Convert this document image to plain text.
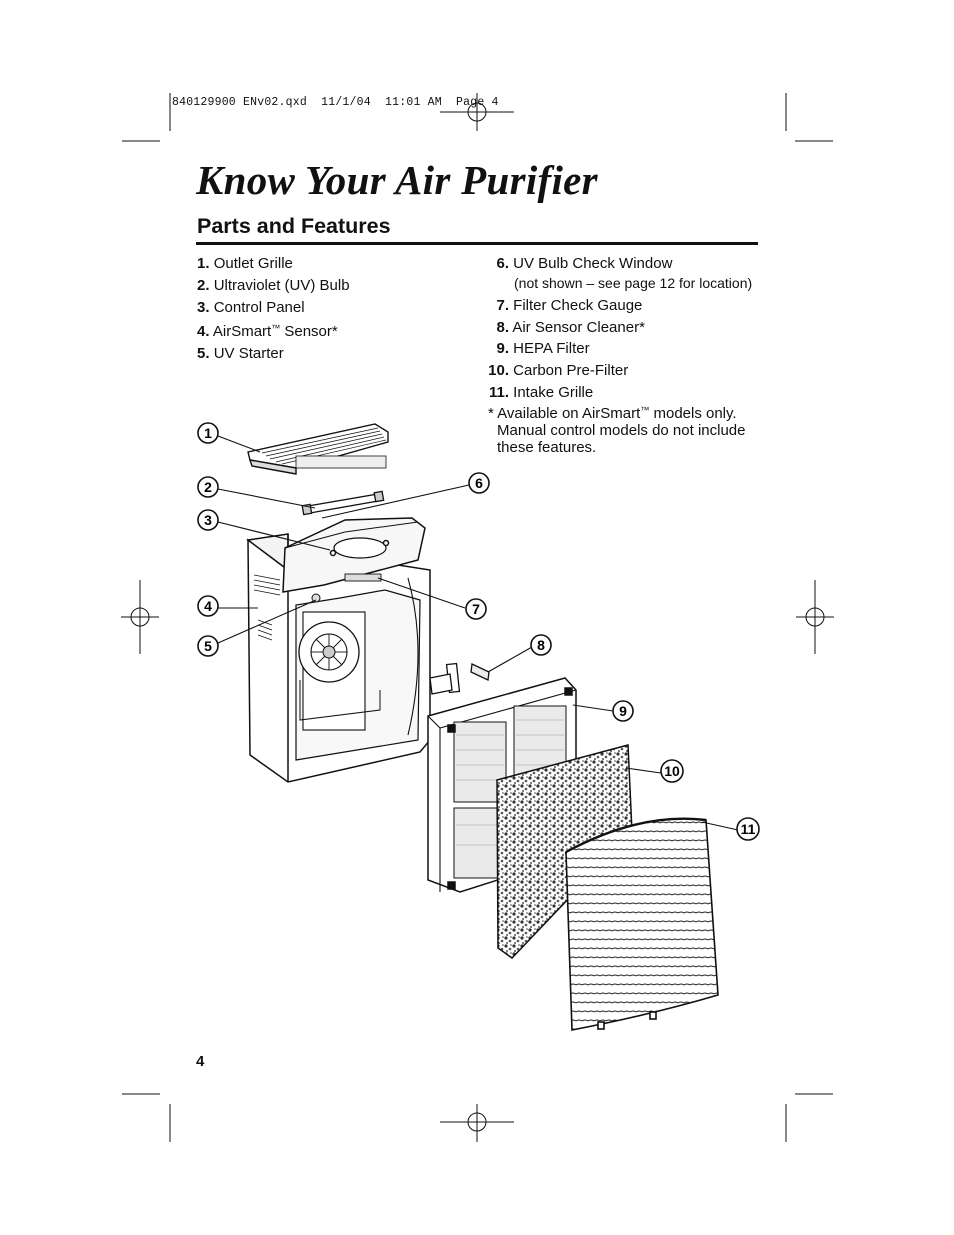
840129900 ENv02.qxd  11/1/04  11:01 AM  Page 4
Know Your Air Purifier
Parts and Features
1. Outlet Grille
2. Ultraviolet (UV) Bulb
3. Control Panel
4. AirSmart™ Sensor*
5. UV Starter
6. UV Bulb Check Window
(not shown – see page 12 for location)
7. Filter Check Gauge
8. Air Sensor Cleaner*
9. HEPA Filter
10. Carbon Pre-Filter
11. Intake Grille

* Available on AirSmart™ models only.
Manual control models do not include
these features.

4

1
2
3
4
5
6
7
8
9
10
11
